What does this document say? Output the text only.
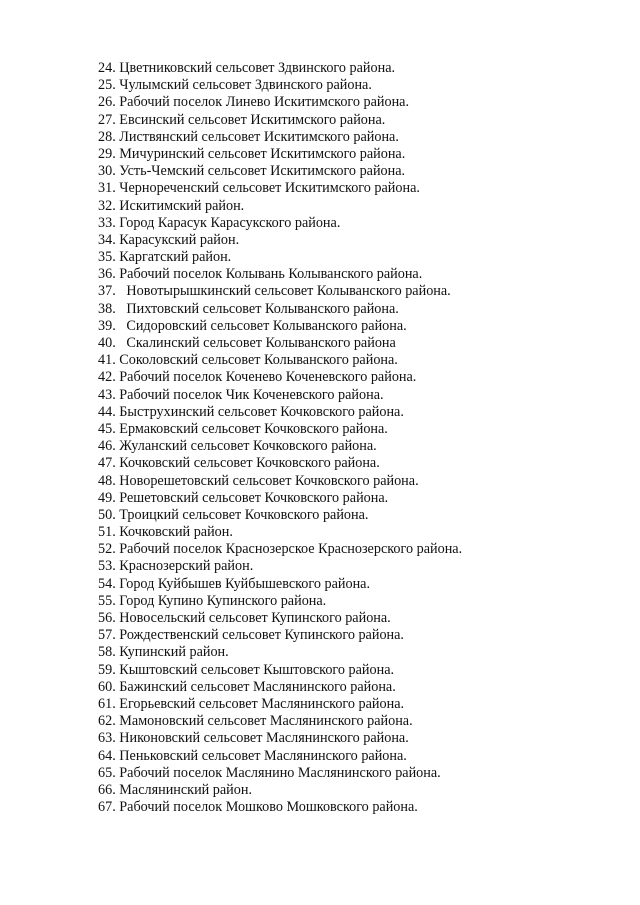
24. Цветниковский сельсовет Здвинского района.
25. Чулымский сельсовет Здвинского района.
26. Рабочий поселок Линево Искитимского района.
27. Евсинский сельсовет Искитимского района.
28. Листвянский сельсовет Искитимского района.
29. Мичуринский сельсовет Искитимского района.
30. Усть-Чемский сельсовет Искитимского района.
31. Чернореченский сельсовет Искитимского района.
32. Искитимский район.
33. Город Карасук Карасукского района.
34. Карасукский район.
35. Каргатский район.
36. Рабочий поселок Колывань Колыванского района.
37.   Новотырышкинский сельсовет Колыванского района.
38.   Пихтовский сельсовет Колыванского района.
39.   Сидоровский сельсовет Колыванского района.
40.   Скалинский сельсовет Колыванского района
41. Соколовский сельсовет Колыванского района.
42. Рабочий поселок Коченево Коченевского района.
43. Рабочий поселок Чик Коченевского района.
44. Быструхинский сельсовет Кочковского района.
45. Ермаковский сельсовет Кочковского района.
46. Жуланский сельсовет Кочковского района.
47. Кочковский сельсовет Кочковского района.
48. Новорешетовский сельсовет Кочковского района.
49. Решетовский сельсовет Кочковского района.
50. Троицкий сельсовет Кочковского района.
51. Кочковский район.
52. Рабочий поселок Краснозерское Краснозерского района.
53. Краснозерский район.
54. Город Куйбышев Куйбышевского района.
55. Город Купино Купинского района.
56. Новосельский сельсовет Купинского района.
57. Рождественский сельсовет Купинского района.
58. Купинский район.
59. Кыштовский сельсовет Кыштовского района.
60. Бажинский сельсовет Маслянинского района.
61. Егорьевский сельсовет Маслянинского района.
62. Мамоновский сельсовет Маслянинского района.
63. Никоновский сельсовет Маслянинского района.
64. Пеньковский сельсовет Маслянинского района.
65. Рабочий поселок Маслянино Маслянинского района.
66. Маслянинский район.
67. Рабочий поселок Мошково Мошковского района.
